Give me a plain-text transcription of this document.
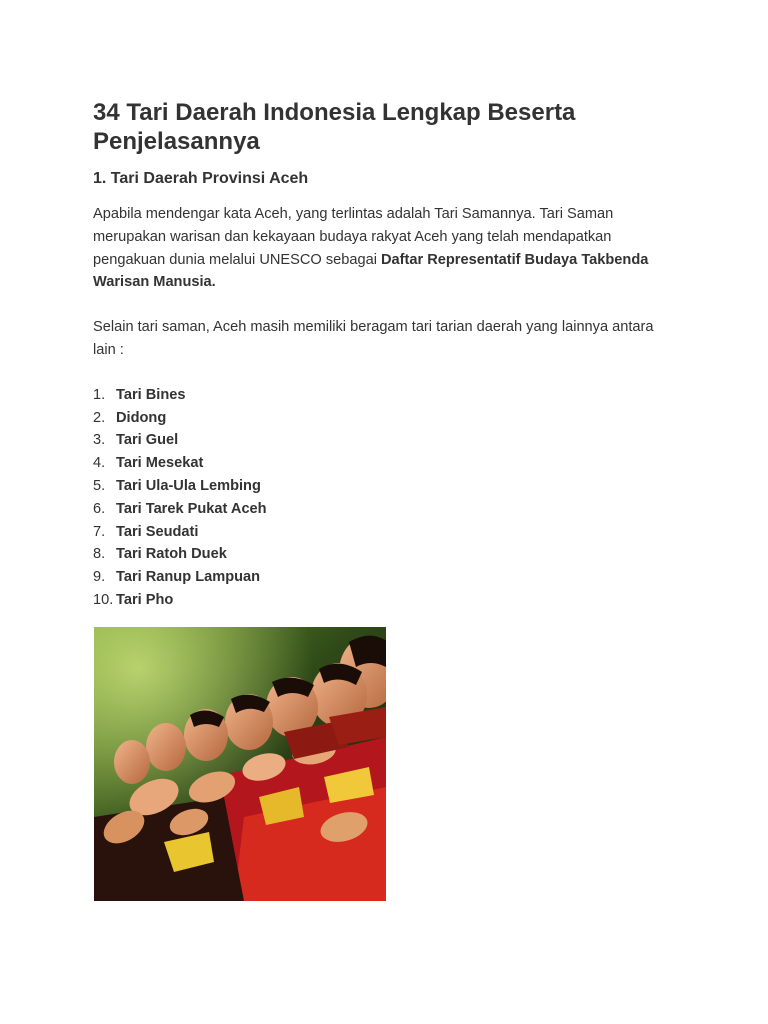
34 Tari Daerah Indonesia Lengkap Beserta Penjelasannya
1. Tari Daerah Provinsi Aceh

Apabila mendengar kata Aceh, yang terlintas adalah Tari Samannya. Tari Saman merupakan warisan dan kekayaan budaya rakyat Aceh yang telah mendapatkan pengakuan dunia melalui UNESCO sebagai Daftar Representatif Budaya Takbenda Warisan Manusia.

Selain tari saman, Aceh masih memiliki beragam tari tarian daerah yang lainnya antara lain :

1. Tari Bines
2. Didong
3. Tari Guel
4. Tari Mesekat
5. Tari Ula-Ula Lembing
6. Tari Tarek Pukat Aceh
7. Tari Seudati
8. Tari Ratoh Duek
9. Tari Ranup Lampuan
10. Tari Pho
